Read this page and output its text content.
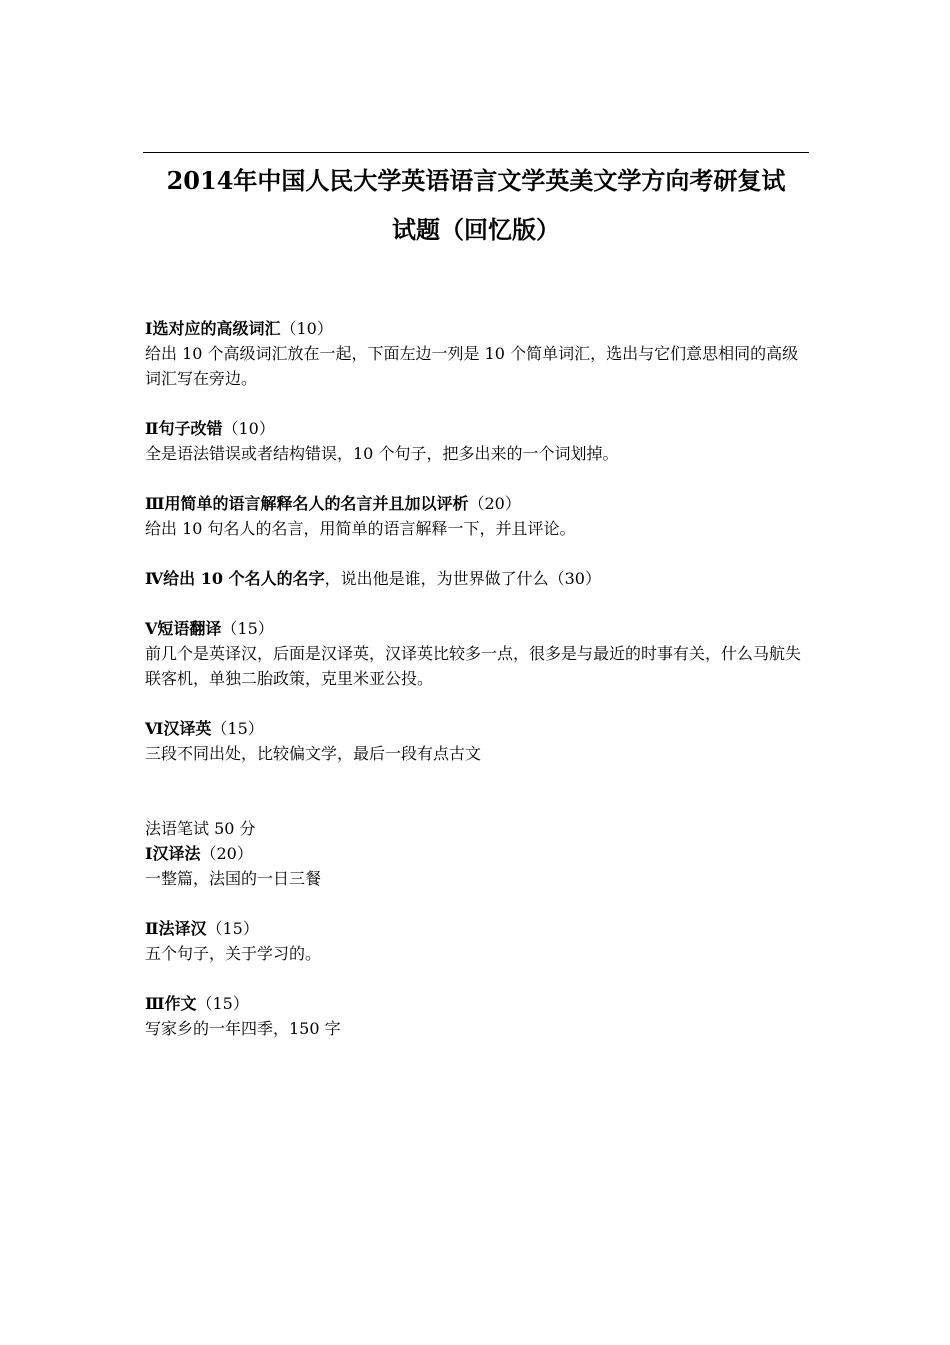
2014年中国人民大学英语语言文学英美文学方向考研复试
试题（回忆版）
Ⅰ选对应的高级词汇（10）
给出 10 个高级词汇放在一起，下面左边一列是 10 个简单词汇，选出与它们意思相同的高级词汇写在旁边。
Ⅱ句子改错（10）
全是语法错误或者结构错误，10 个句子，把多出来的一个词划掉。
Ⅲ用简单的语言解释名人的名言并且加以评析（20）
给出 10 句名人的名言，用简单的语言解释一下，并且评论。
Ⅳ给出 10 个名人的名字，说出他是谁，为世界做了什么（30）
Ⅴ短语翻译（15）
前几个是英译汉，后面是汉译英，汉译英比较多一点，很多是与最近的时事有关，什么马航失联客机，单独二胎政策，克里米亚公投。
Ⅵ汉译英（15）
三段不同出处，比较偏文学，最后一段有点古文
法语笔试 50 分
Ⅰ汉译法（20）
一整篇，法国的一日三餐
Ⅱ法译汉（15）
五个句子，关于学习的。
Ⅲ作文（15）
写家乡的一年四季，150 字
